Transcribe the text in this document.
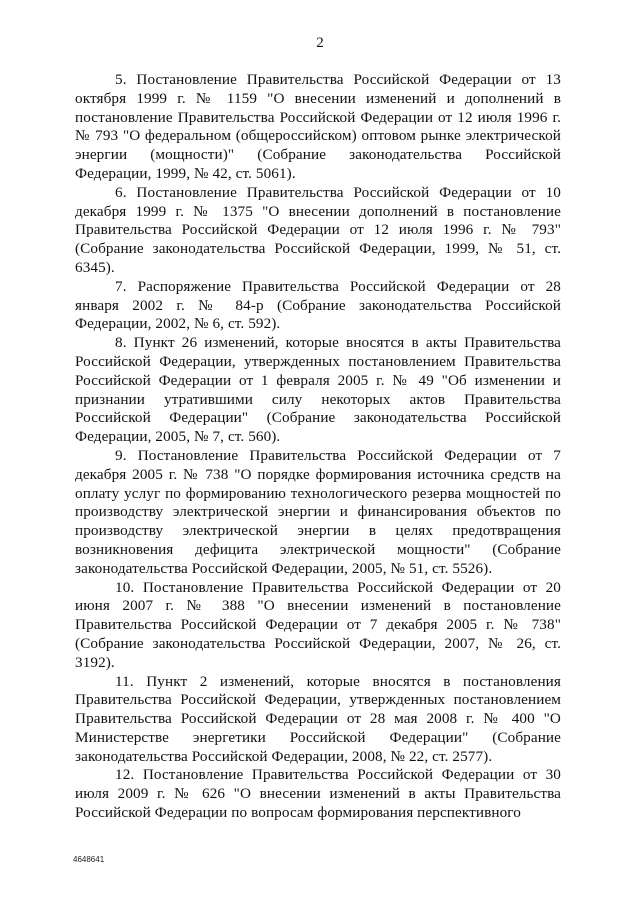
2

5. Постановление Правительства Российской Федерации от 13 октября 1999 г. № 1159 "О внесении изменений и дополнений в постановление Правительства Российской Федерации от 12 июля 1996 г. № 793 "О федеральном (общероссийском) оптовом рынке электрической энергии (мощности)" (Собрание законодательства Российской Федерации, 1999, № 42, ст. 5061).

6. Постановление Правительства Российской Федерации от 10 декабря 1999 г. № 1375 "О внесении дополнений в постановление Правительства Российской Федерации от 12 июля 1996 г. № 793" (Собрание законодательства Российской Федерации, 1999, № 51, ст. 6345).

7. Распоряжение Правительства Российской Федерации от 28 января 2002 г. № 84-р (Собрание законодательства Российской Федерации, 2002, № 6, ст. 592).

8. Пункт 26 изменений, которые вносятся в акты Правительства Российской Федерации, утвержденных постановлением Правительства Российской Федерации от 1 февраля 2005 г. № 49 "Об изменении и признании утратившими силу некоторых актов Правительства Российской Федерации" (Собрание законодательства Российской Федерации, 2005, № 7, ст. 560).

9. Постановление Правительства Российской Федерации от 7 декабря 2005 г. № 738 "О порядке формирования источника средств на оплату услуг по формированию технологического резерва мощностей по производству электрической энергии и финансирования объектов по производству электрической энергии в целях предотвращения возникновения дефицита электрической мощности" (Собрание законодательства Российской Федерации, 2005, № 51, ст. 5526).

10. Постановление Правительства Российской Федерации от 20 июня 2007 г. № 388 "О внесении изменений в постановление Правительства Российской Федерации от 7 декабря 2005 г. № 738" (Собрание законодательства Российской Федерации, 2007, № 26, ст. 3192).

11. Пункт 2 изменений, которые вносятся в постановления Правительства Российской Федерации, утвержденных постановлением Правительства Российской Федерации от 28 мая 2008 г. № 400 "О Министерстве энергетики Российской Федерации" (Собрание законодательства Российской Федерации, 2008, № 22, ст. 2577).

12. Постановление Правительства Российской Федерации от 30 июля 2009 г. № 626 "О внесении изменений в акты Правительства Российской Федерации по вопросам формирования перспективного

4648641
